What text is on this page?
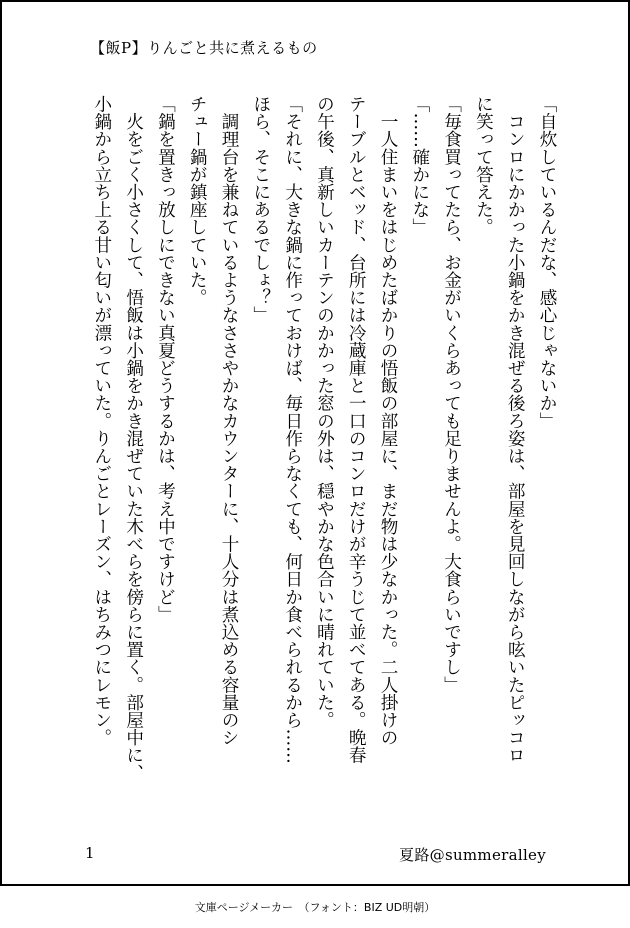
【飯P】りんごと共に煮えるもの
「自炊しているんだな、感心じゃないか」
　コンロにかかった小鍋をかき混ぜる後ろ姿は、部屋を見回しながら呟いたピッコロ
に笑って答えた。
「毎食買ってたら、お金がいくらあっても足りませんよ。大食らいですし」
「……確かにな」
　一人住まいをはじめたばかりの悟飯の部屋に、まだ物は少なかった。二人掛けの
テーブルとベッド、台所には冷蔵庫と一口のコンロだけが辛うじて並べてある。晩春
の午後、真新しいカーテンのかかった窓の外は、穏やかな色合いに晴れていた。
「それに、大きな鍋に作っておけば、毎日作らなくても、何日か食べられるから……
ほら、そこにあるでしょ？」
　調理台を兼ねているようなささやかなカウンターに、十人分は煮込める容量のシ
チュー鍋が鎮座していた。
「鍋を置きっ放しにできない真夏どうするかは、考え中ですけど」
　火をごく小さくして、悟飯は小鍋をかき混ぜていた木べらを傍らに置く。部屋中に、
小鍋から立ち上る甘い匂いが漂っていた。りんごとレーズン、はちみつにレモン。
1	夏路@summeralley
文庫ページメーカー　（フォント：BIZ UD明朝）
